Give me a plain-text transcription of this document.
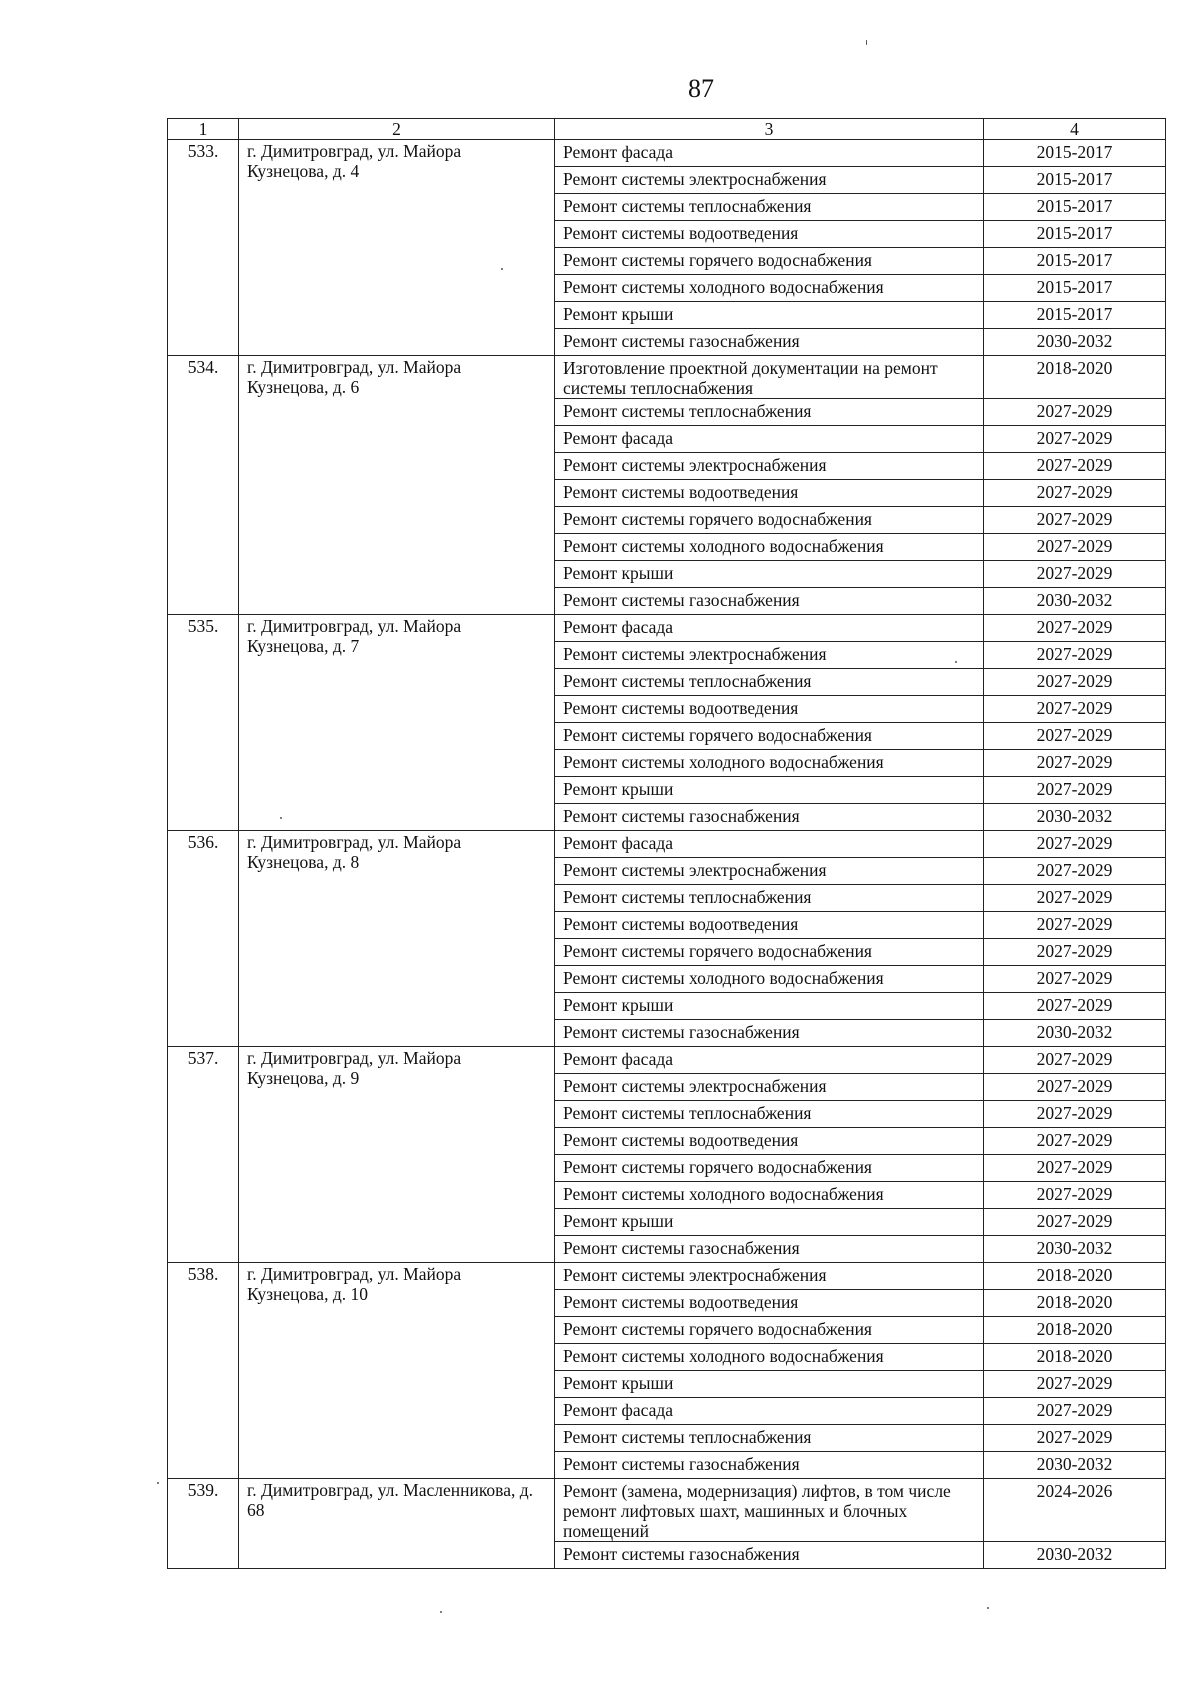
87
1	2	3	4
533.	г. Димитровград, ул. Майора Кузнецова, д. 4	Ремонт фасада	2015-2017
		Ремонт системы электроснабжения	2015-2017
		Ремонт системы теплоснабжения	2015-2017
		Ремонт системы водоотведения	2015-2017
		Ремонт системы горячего водоснабжения	2015-2017
		Ремонт системы холодного водоснабжения	2015-2017
		Ремонт крыши	2015-2017
		Ремонт системы газоснабжения	2030-2032
534.	г. Димитровград, ул. Майора Кузнецова, д. 6	Изготовление проектной документации на ремонт системы теплоснабжения	2018-2020
		Ремонт системы теплоснабжения	2027-2029
		Ремонт фасада	2027-2029
		Ремонт системы электроснабжения	2027-2029
		Ремонт системы водоотведения	2027-2029
		Ремонт системы горячего водоснабжения	2027-2029
		Ремонт системы холодного водоснабжения	2027-2029
		Ремонт крыши	2027-2029
		Ремонт системы газоснабжения	2030-2032
535.	г. Димитровград, ул. Майора Кузнецова, д. 7	Ремонт фасада	2027-2029
		Ремонт системы электроснабжения	2027-2029
		Ремонт системы теплоснабжения	2027-2029
		Ремонт системы водоотведения	2027-2029
		Ремонт системы горячего водоснабжения	2027-2029
		Ремонт системы холодного водоснабжения	2027-2029
		Ремонт крыши	2027-2029
		Ремонт системы газоснабжения	2030-2032
536.	г. Димитровград, ул. Майора Кузнецова, д. 8	Ремонт фасада	2027-2029
		Ремонт системы электроснабжения	2027-2029
		Ремонт системы теплоснабжения	2027-2029
		Ремонт системы водоотведения	2027-2029
		Ремонт системы горячего водоснабжения	2027-2029
		Ремонт системы холодного водоснабжения	2027-2029
		Ремонт крыши	2027-2029
		Ремонт системы газоснабжения	2030-2032
537.	г. Димитровград, ул. Майора Кузнецова, д. 9	Ремонт фасада	2027-2029
		Ремонт системы электроснабжения	2027-2029
		Ремонт системы теплоснабжения	2027-2029
		Ремонт системы водоотведения	2027-2029
		Ремонт системы горячего водоснабжения	2027-2029
		Ремонт системы холодного водоснабжения	2027-2029
		Ремонт крыши	2027-2029
		Ремонт системы газоснабжения	2030-2032
538.	г. Димитровград, ул. Майора Кузнецова, д. 10	Ремонт системы электроснабжения	2018-2020
		Ремонт системы водоотведения	2018-2020
		Ремонт системы горячего водоснабжения	2018-2020
		Ремонт системы холодного водоснабжения	2018-2020
		Ремонт крыши	2027-2029
		Ремонт фасада	2027-2029
		Ремонт системы теплоснабжения	2027-2029
		Ремонт системы газоснабжения	2030-2032
539.	г. Димитровград, ул. Масленникова, д. 68	Ремонт (замена, модернизация) лифтов, в том числе ремонт лифтовых шахт, машинных и блочных помещений	2024-2026
		Ремонт системы газоснабжения	2030-2032
